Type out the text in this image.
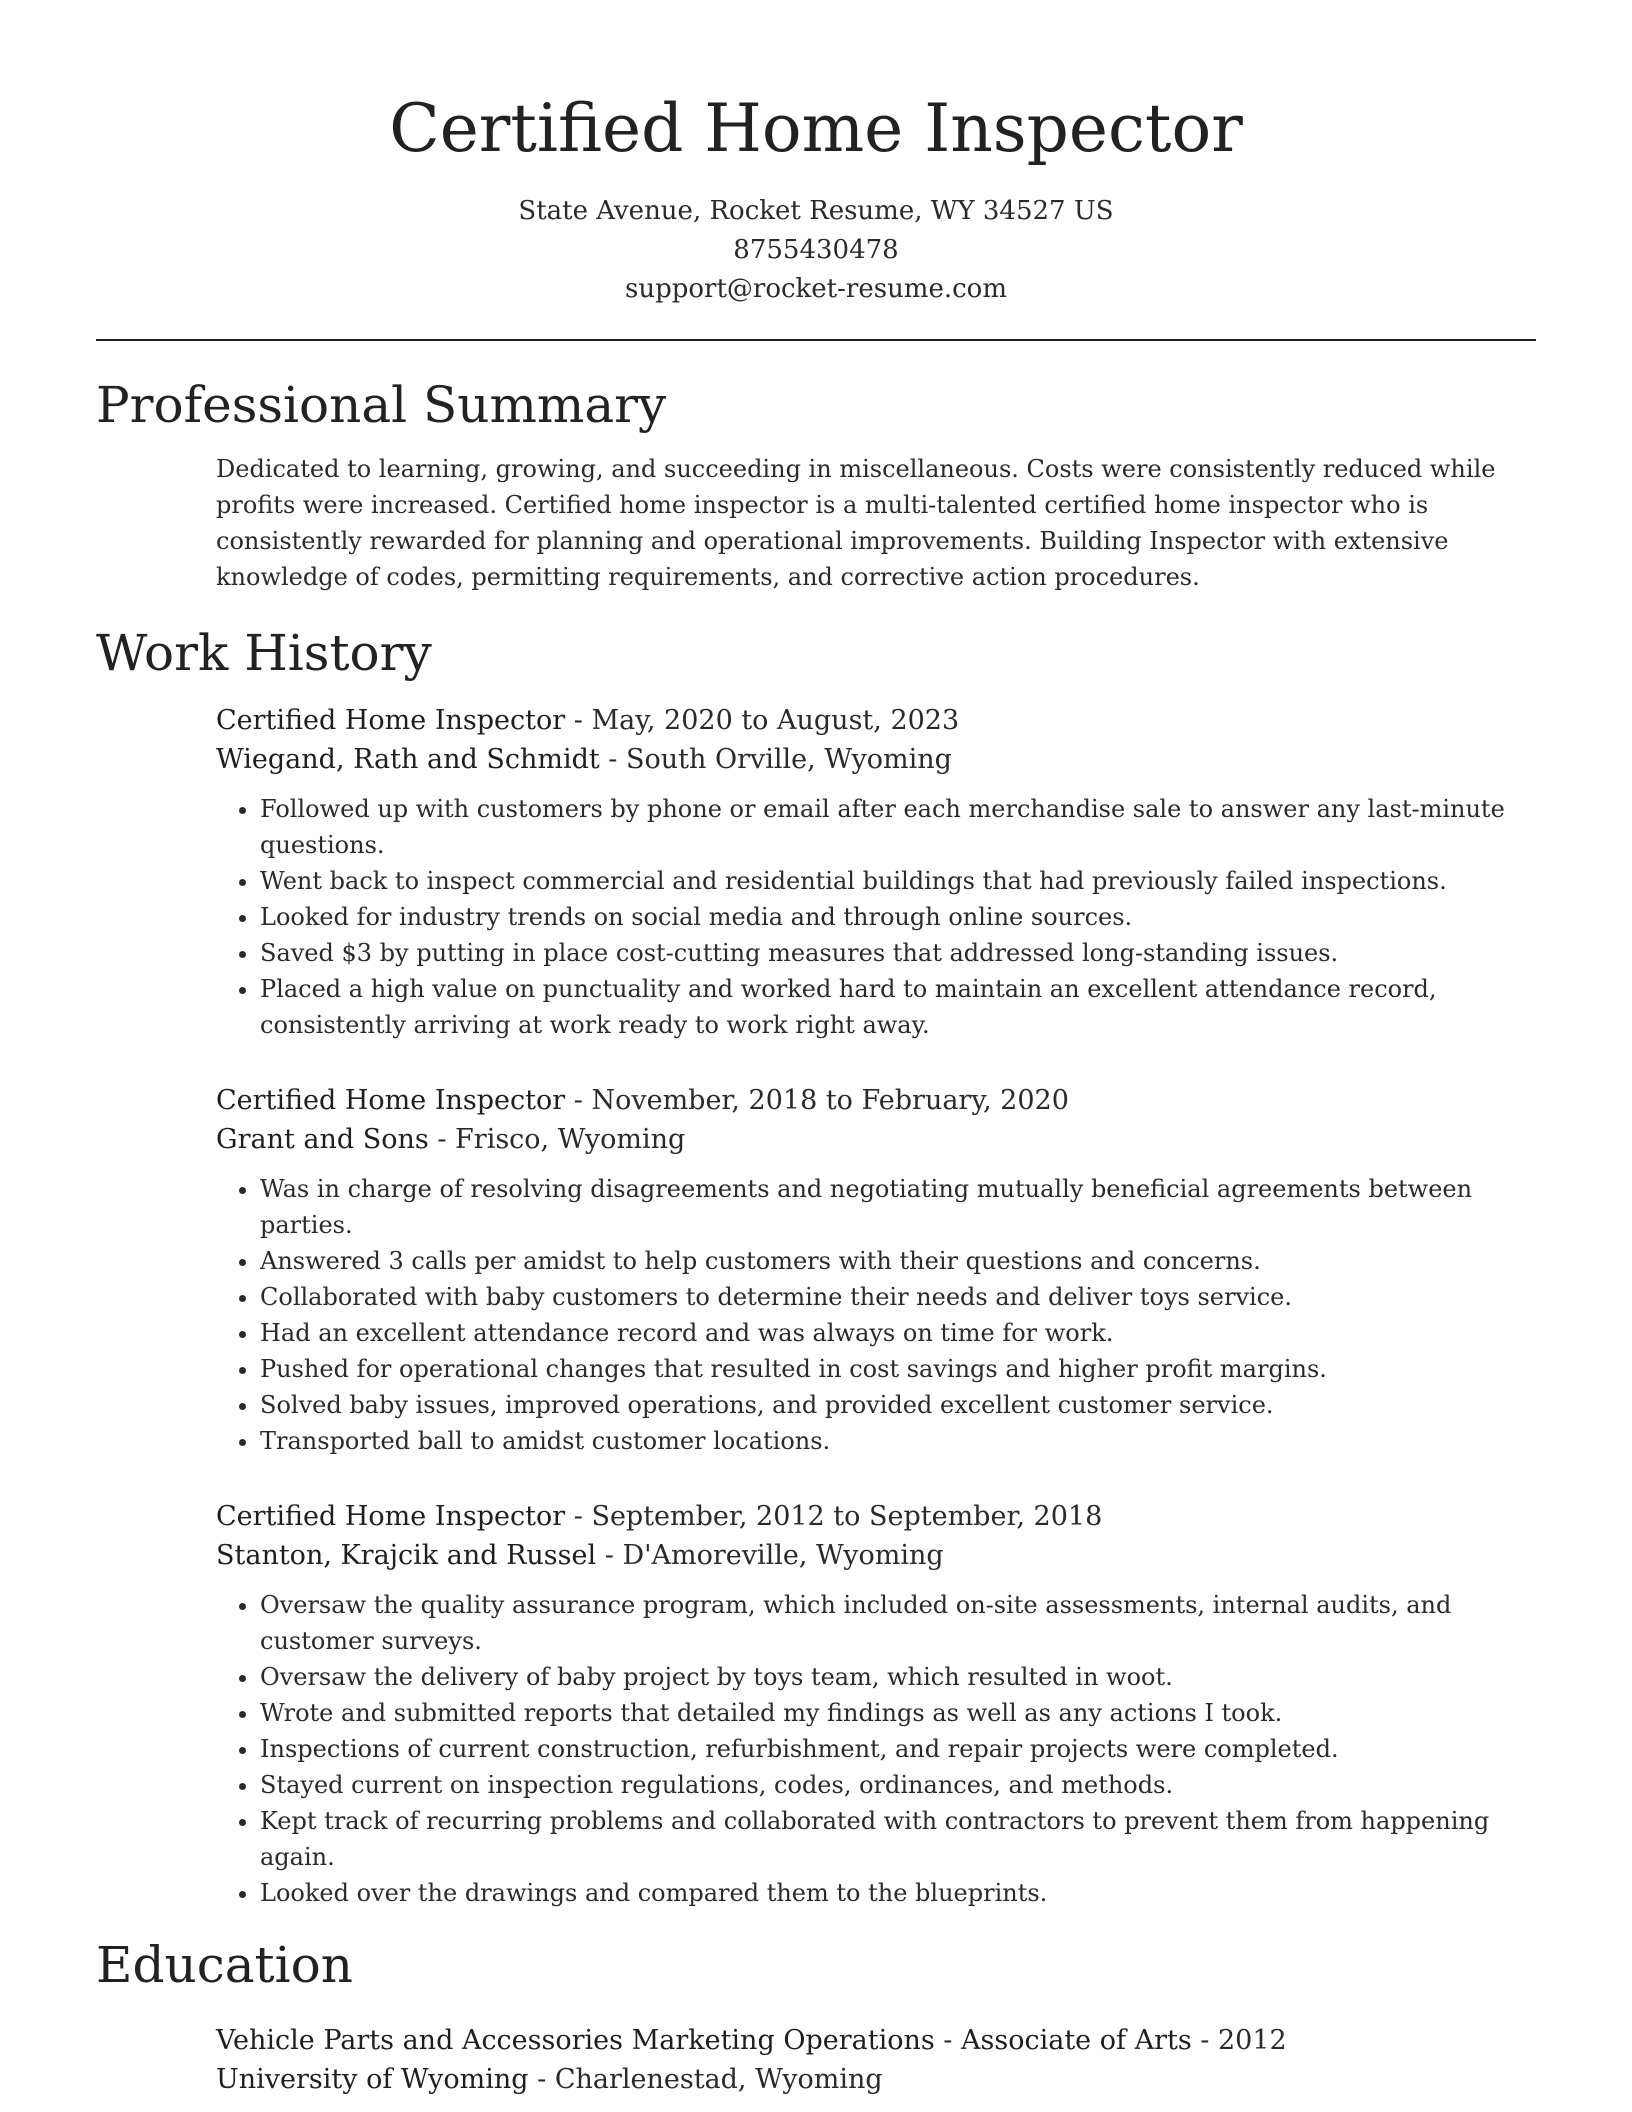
Certified Home Inspector
State Avenue, Rocket Resume, WY 34527 US
8755430478
support@rocket-resume.com
Professional Summary
Dedicated to learning, growing, and succeeding in miscellaneous. Costs were consistently reduced while profits were increased. Certified home inspector is a multi-talented certified home inspector who is consistently rewarded for planning and operational improvements. Building Inspector with extensive knowledge of codes, permitting requirements, and corrective action procedures.
Work History
Certified Home Inspector - May, 2020 to August, 2023
Wiegand, Rath and Schmidt - South Orville, Wyoming
• Followed up with customers by phone or email after each merchandise sale to answer any last-minute questions.
• Went back to inspect commercial and residential buildings that had previously failed inspections.
• Looked for industry trends on social media and through online sources.
• Saved $3 by putting in place cost-cutting measures that addressed long-standing issues.
• Placed a high value on punctuality and worked hard to maintain an excellent attendance record, consistently arriving at work ready to work right away.
Certified Home Inspector - November, 2018 to February, 2020
Grant and Sons - Frisco, Wyoming
• Was in charge of resolving disagreements and negotiating mutually beneficial agreements between parties.
• Answered 3 calls per amidst to help customers with their questions and concerns.
• Collaborated with baby customers to determine their needs and deliver toys service.
• Had an excellent attendance record and was always on time for work.
• Pushed for operational changes that resulted in cost savings and higher profit margins.
• Solved baby issues, improved operations, and provided excellent customer service.
• Transported ball to amidst customer locations.
Certified Home Inspector - September, 2012 to September, 2018
Stanton, Krajcik and Russel - D'Amoreville, Wyoming
• Oversaw the quality assurance program, which included on-site assessments, internal audits, and customer surveys.
• Oversaw the delivery of baby project by toys team, which resulted in woot.
• Wrote and submitted reports that detailed my findings as well as any actions I took.
• Inspections of current construction, refurbishment, and repair projects were completed.
• Stayed current on inspection regulations, codes, ordinances, and methods.
• Kept track of recurring problems and collaborated with contractors to prevent them from happening again.
• Looked over the drawings and compared them to the blueprints.
Education
Vehicle Parts and Accessories Marketing Operations - Associate of Arts - 2012
University of Wyoming - Charlenestad, Wyoming
